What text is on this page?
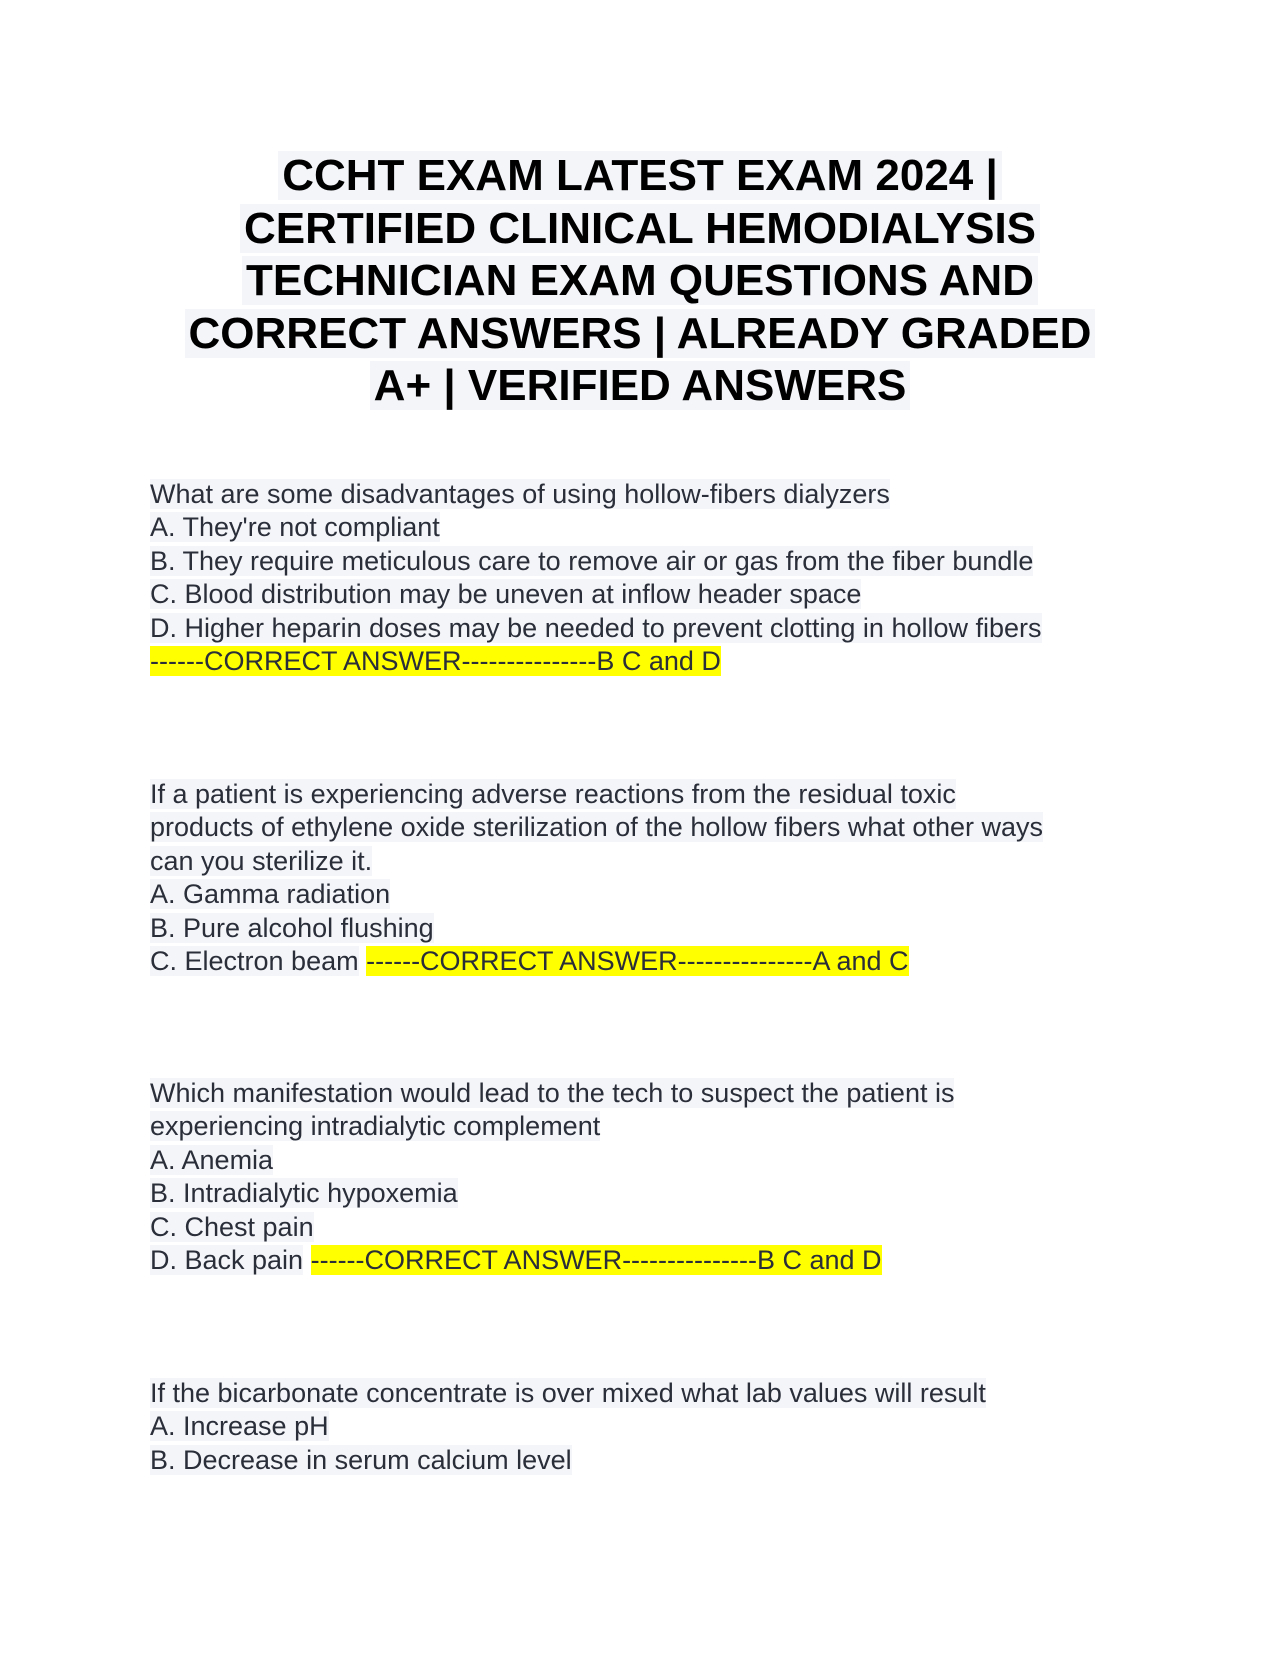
CCHT EXAM LATEST EXAM 2024 |
CERTIFIED CLINICAL HEMODIALYSIS
TECHNICIAN EXAM QUESTIONS AND
CORRECT ANSWERS | ALREADY GRADED
A+ | VERIFIED ANSWERS
What are some disadvantages of using hollow-fibers dialyzers
A. They're not compliant
B. They require meticulous care to remove air or gas from the fiber bundle
C. Blood distribution may be uneven at inflow header space
D. Higher heparin doses may be needed to prevent clotting in hollow fibers
------CORRECT ANSWER---------------B C and D
If a patient is experiencing adverse reactions from the residual toxic
products of ethylene oxide sterilization of the hollow fibers what other ways
can you sterilize it.
A. Gamma radiation
B. Pure alcohol flushing
C. Electron beam ------CORRECT ANSWER---------------A and C
Which manifestation would lead to the tech to suspect the patient is
experiencing intradialytic complement
A. Anemia
B. Intradialytic hypoxemia
C. Chest pain
D. Back pain ------CORRECT ANSWER---------------B C and D
If the bicarbonate concentrate is over mixed what lab values will result
A. Increase pH
B. Decrease in serum calcium level
